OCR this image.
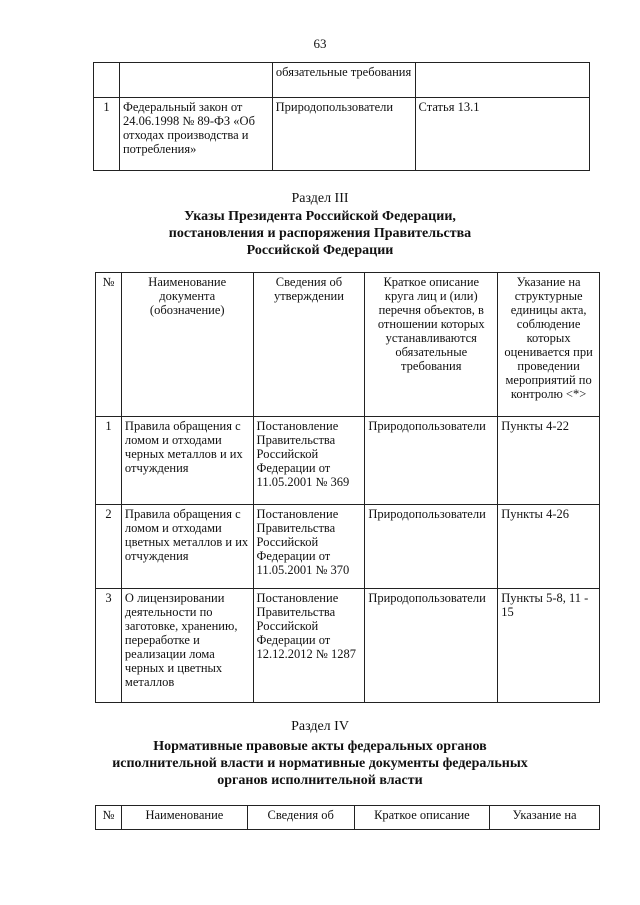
63
		обязательные требования	
1	Федеральный закон от 24.06.1998 № 89-ФЗ «Об отходах производства и потребления»	Природопользователи	Статья 13.1
Раздел III
Указы Президента Российской Федерации,
постановления и распоряжения Правительства
Российской Федерации
№	Наименование документа (обозначение)	Сведения об утверждении	Краткое описание круга лиц и (или) перечня объектов, в отношении которых устанавливаются обязательные требования	Указание на структурные единицы акта, соблюдение которых оценивается при проведении мероприятий по контролю <*>
1	Правила обращения с ломом и отходами черных металлов и их отчуждения	Постановление Правительства Российской Федерации от 11.05.2001 № 369	Природопользователи	Пункты 4-22
2	Правила обращения с ломом и отходами цветных металлов и их отчуждения	Постановление Правительства Российской Федерации от 11.05.2001 № 370	Природопользователи	Пункты 4-26
3	О лицензировании деятельности по заготовке, хранению, переработке и реализации лома черных и цветных металлов	Постановление Правительства Российской Федерации от 12.12.2012 № 1287	Природопользователи	Пункты 5-8, 11 - 15
Раздел IV
Нормативные правовые акты федеральных органов
исполнительной власти и нормативные документы федеральных
органов исполнительной власти
№	Наименование	Сведения об	Краткое описание	Указание на
